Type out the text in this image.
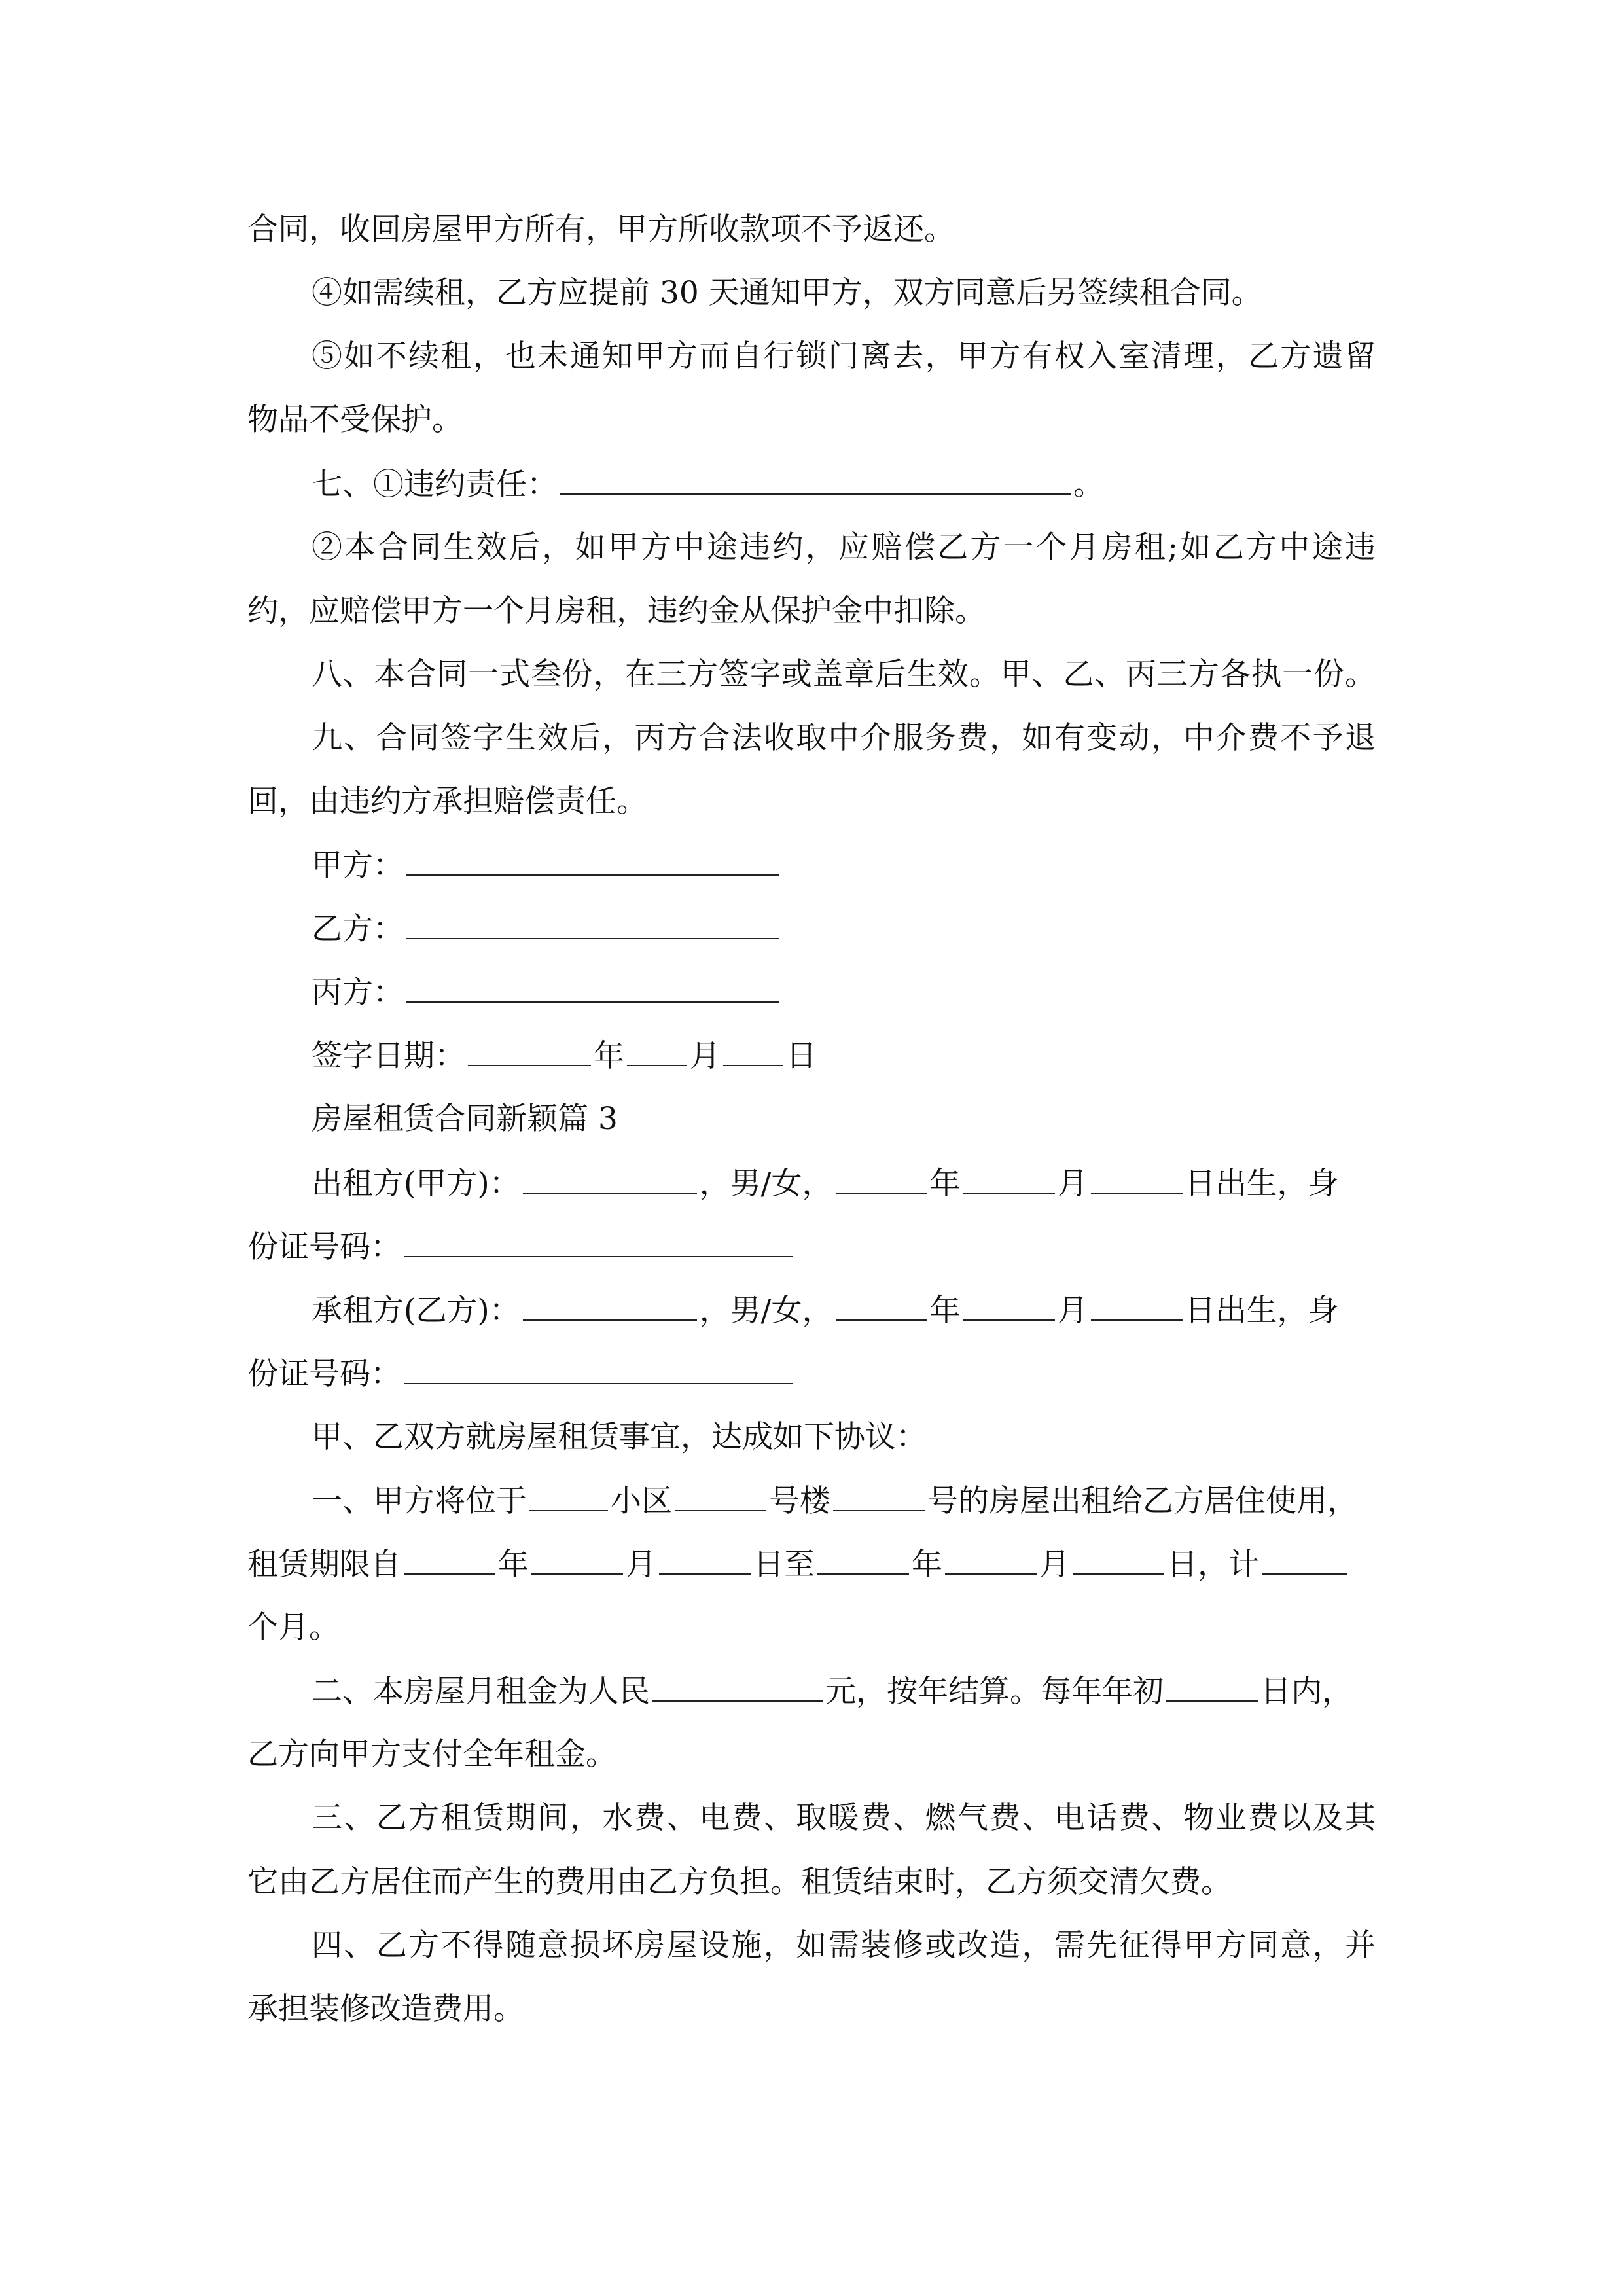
合同，收回房屋甲方所有，甲方所收款项不予返还。
④如需续租，乙方应提前 30 天通知甲方，双方同意后另签续租合同。
⑤如不续租，也未通知甲方而自行锁门离去，甲方有权入室清理，乙方遗留
物品不受保护。
七、①违约责任：	。
②本合同生效后，如甲方中途违约，应赔偿乙方一个月房租;如乙方中途违
约，应赔偿甲方一个月房租，违约金从保护金中扣除。
八、本合同一式叁份，在三方签字或盖章后生效。甲、乙、丙三方各执一份。
九、合同签字生效后，丙方合法收取中介服务费，如有变动，中介费不予退
回，由违约方承担赔偿责任。
甲方：
乙方：
丙方：
签字日期：	年 月 日
房屋租赁合同新颖篇 3
出租方(甲方)：	，男/女，	年	月	日出生，身
份证号码：
承租方(乙方)：	，男/女，	年	月	日出生，身
份证号码：
甲、乙双方就房屋租赁事宜，达成如下协议：
一、甲方将位于	小区	号楼	号的房屋出租给乙方居住使用，
租赁期限自	年	月	日至	年	月	日，计
个月。
二、本房屋月租金为人民	元，按年结算。每年年初	日内，
乙方向甲方支付全年租金。
三、乙方租赁期间，水费、电费、取暖费、燃气费、电话费、物业费以及其
它由乙方居住而产生的费用由乙方负担。租赁结束时，乙方须交清欠费。
四、乙方不得随意损坏房屋设施，如需装修或改造，需先征得甲方同意，并
承担装修改造费用。
